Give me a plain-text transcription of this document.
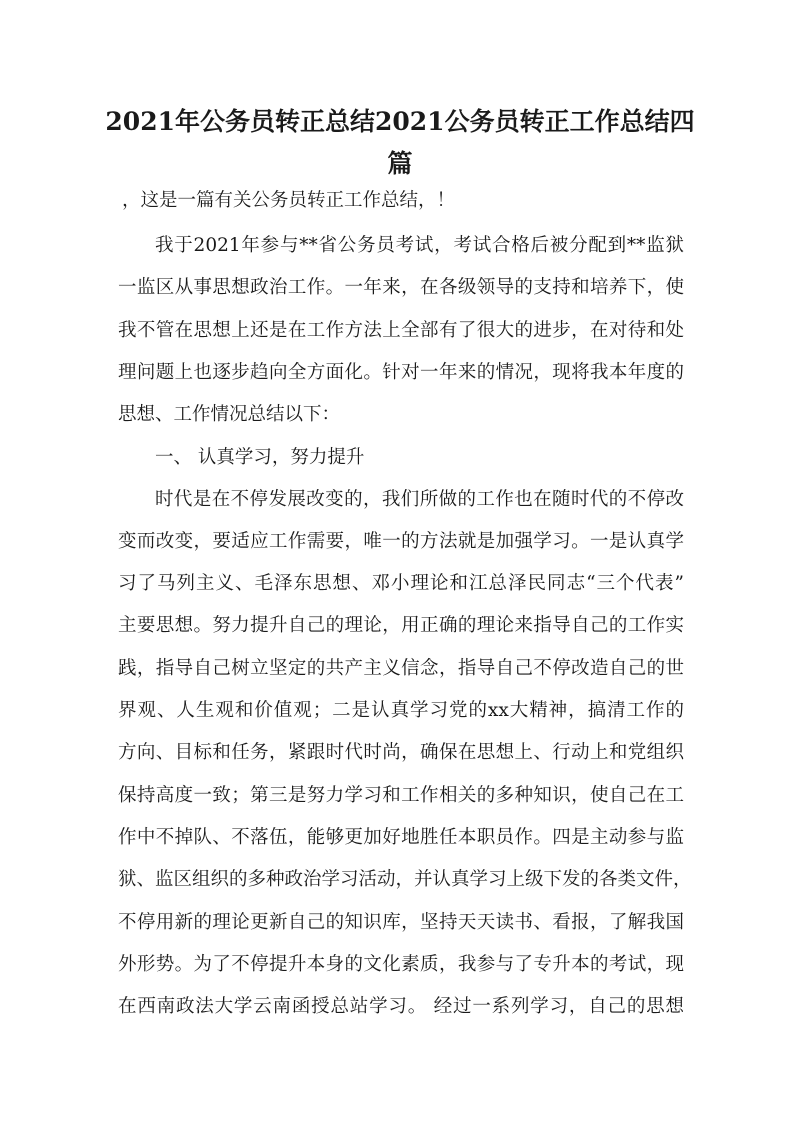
2021年公务员转正总结2021公务员转正工作总结四
篇
，这是一篇有关公务员转正工作总结，！
我于2021年参与**省公务员考试，考试合格后被分配到**监狱
一监区从事思想政治工作。一年来，在各级领导的支持和培养下，使
我不管在思想上还是在工作方法上全部有了很大的进步，在对待和处
理问题上也逐步趋向全方面化。针对一年来的情况，现将我本年度的
思想、工作情况总结以下：
一、 认真学习，努力提升
时代是在不停发展改变的，我们所做的工作也在随时代的不停改
变而改变，要适应工作需要，唯一的方法就是加强学习。一是认真学
习了马列主义、毛泽东思想、邓小理论和江总泽民同志“三个代表”
主要思想。努力提升自己的理论，用正确的理论来指导自己的工作实
践，指导自己树立坚定的共产主义信念，指导自己不停改造自己的世
界观、人生观和价值观；二是认真学习党的xx大精神，搞清工作的
方向、目标和任务，紧跟时代时尚，确保在思想上、行动上和党组织
保持高度一致；第三是努力学习和工作相关的多种知识，使自己在工
作中不掉队、不落伍，能够更加好地胜任本职员作。四是主动参与监
狱、监区组织的多种政治学习活动，并认真学习上级下发的各类文件，
不停用新的理论更新自己的知识库，坚持天天读书、看报，了解我国
外形势。为了不停提升本身的文化素质，我参与了专升本的考试，现
在西南政法大学云南函授总站学习。 经过一系列学习，自己的思想
